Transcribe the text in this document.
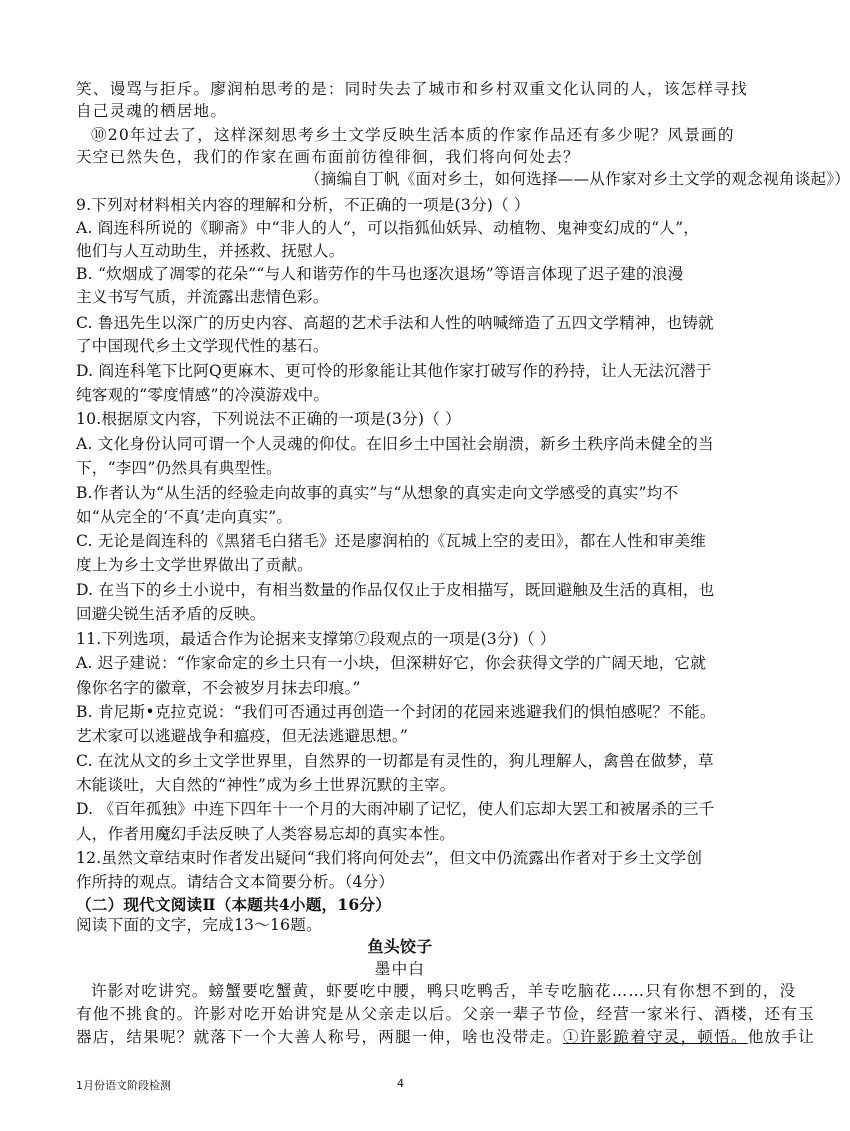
笑、谩骂与拒斥。廖润柏思考的是：同时失去了城市和乡村双重文化认同的人，该怎样寻找
自己灵魂的栖居地。
⑩20年过去了，这样深刻思考乡土文学反映生活本质的作家作品还有多少呢？风景画的
天空已然失色，我们的作家在画布面前彷徨徘徊，我们将向何处去？
（摘编自丁帆《面对乡土，如何选择——从作家对乡土文学的观念视角谈起》）
9.下列对材料相关内容的理解和分析，不正确的一项是(3分)（ ）
A. 阎连科所说的《聊斋》中“非人的人”，可以指狐仙妖异、动植物、鬼神变幻成的“人”，
他们与人互动助生，并拯救、抚慰人。
B. “炊烟成了凋零的花朵”“与人和谐劳作的牛马也逐次退场”等语言体现了迟子建的浪漫
主义书写气质，并流露出悲情色彩。
C. 鲁迅先生以深广的历史内容、高超的艺术手法和人性的呐喊缔造了五四文学精神，也铸就
了中国现代乡土文学现代性的基石。
D. 阎连科笔下比阿Q更麻木、更可怜的形象能让其他作家打破写作的矜持，让人无法沉潜于
纯客观的“零度情感”的冷漠游戏中。
10.根据原文内容，下列说法不正确的一项是(3分)（ ）
A. 文化身份认同可谓一个人灵魂的仰仗。在旧乡土中国社会崩溃，新乡土秩序尚未健全的当
下，“李四”仍然具有典型性。
B.作者认为“从生活的经验走向故事的真实”与“从想象的真实走向文学感受的真实”均不
如“从完全的‘不真’走向真实”。
C. 无论是阎连科的《黑猪毛白猪毛》还是廖润柏的《瓦城上空的麦田》，都在人性和审美维
度上为乡土文学世界做出了贡献。
D. 在当下的乡土小说中，有相当数量的作品仅仅止于皮相描写，既回避触及生活的真相，也
回避尖锐生活矛盾的反映。
11.下列选项，最适合作为论据来支撑第⑦段观点的一项是(3分)（ ）
A. 迟子建说：“作家命定的乡土只有一小块，但深耕好它，你会获得文学的广阔天地，它就
像你名字的徽章，不会被岁月抹去印痕。”
B. 肯尼斯•克拉克说：“我们可否通过再创造一个封闭的花园来逃避我们的惧怕感呢？不能。
艺术家可以逃避战争和瘟疫，但无法逃避思想。”
C. 在沈从文的乡土文学世界里，自然界的一切都是有灵性的，狗儿理解人，禽兽在做梦，草
木能谈吐，大自然的“神性”成为乡土世界沉默的主宰。
D. 《百年孤独》中连下四年十一个月的大雨冲刷了记忆，使人们忘却大罢工和被屠杀的三千
人，作者用魔幻手法反映了人类容易忘却的真实本性。
12.虽然文章结束时作者发出疑问“我们将向何处去”，但文中仍流露出作者对于乡土文学创
作所持的观点。请结合文本简要分析。（4分）
（二）现代文阅读Ⅱ（本题共4小题，16分）
阅读下面的文字，完成13～16题。
鱼头饺子
墨中白
许影对吃讲究。螃蟹要吃蟹黄，虾要吃中腰，鸭只吃鸭舌，羊专吃脑花……只有你想不到的，没
有他不挑食的。许影对吃开始讲究是从父亲走以后。父亲一辈子节俭，经营一家米行、酒楼，还有玉
器店，结果呢？就落下一个大善人称号，两腿一伸，啥也没带走。①许影跪着守灵，顿悟。他放手让
1月份语文阶段检测	4
